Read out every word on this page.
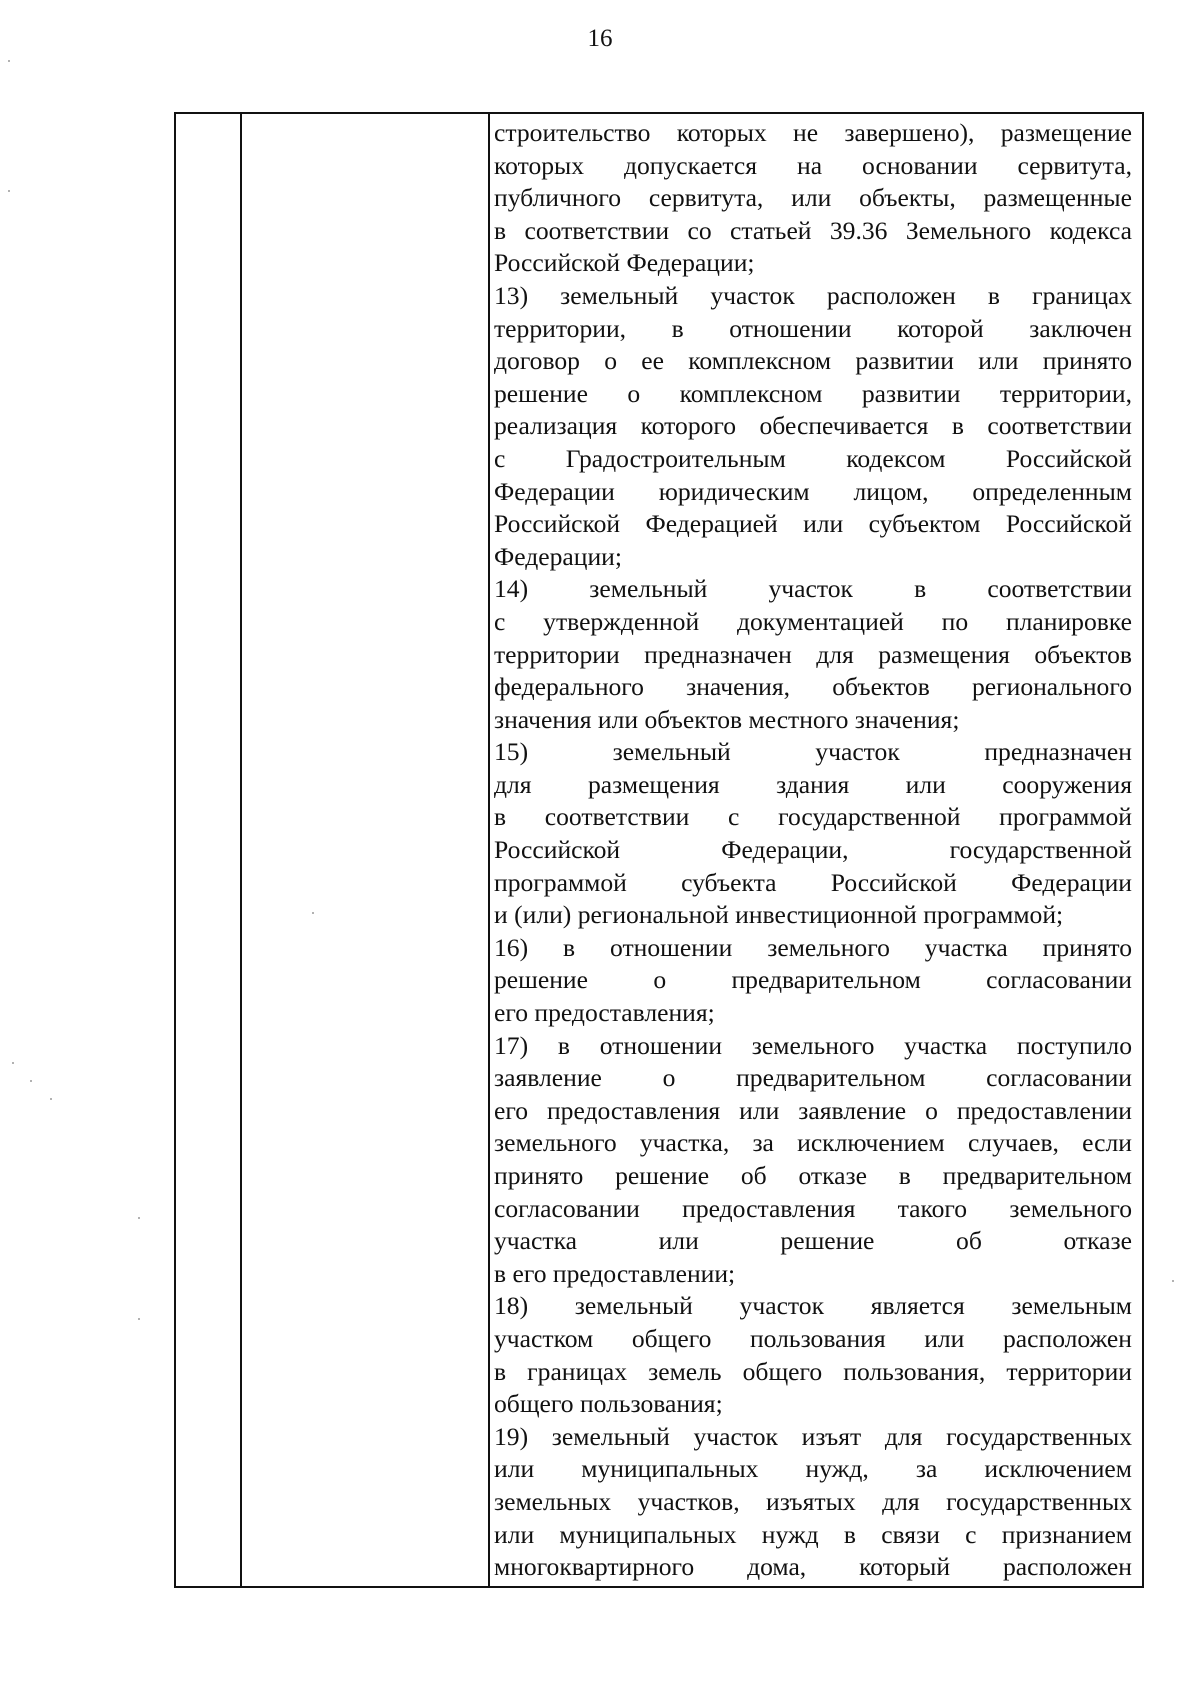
16
строительство которых не завершено), размещение
которых допускается на основании сервитута,
публичного сервитута, или объекты, размещенные
в соответствии со статьей 39.36 Земельного кодекса
Российской Федерации;
13) земельный участок расположен в границах
территории, в отношении которой заключен
договор о ее комплексном развитии или принято
решение о комплексном развитии территории,
реализация которого обеспечивается в соответствии
с Градостроительным кодексом Российской
Федерации юридическим лицом, определенным
Российской Федерацией или субъектом Российской
Федерации;
14) земельный участок в соответствии
с утвержденной документацией по планировке
территории предназначен для размещения объектов
федерального значения, объектов регионального
значения или объектов местного значения;
15) земельный участок предназначен
для размещения здания или сооружения
в соответствии с государственной программой
Российской Федерации, государственной
программой субъекта Российской Федерации
и (или) региональной инвестиционной программой;
16) в отношении земельного участка принято
решение о предварительном согласовании
его предоставления;
17) в отношении земельного участка поступило
заявление о предварительном согласовании
его предоставления или заявление о предоставлении
земельного участка, за исключением случаев, если
принято решение об отказе в предварительном
согласовании предоставления такого земельного
участка или решение об отказе
в его предоставлении;
18) земельный участок является земельным
участком общего пользования или расположен
в границах земель общего пользования, территории
общего пользования;
19) земельный участок изъят для государственных
или муниципальных нужд, за исключением
земельных участков, изъятых для государственных
или муниципальных нужд в связи с признанием
многоквартирного дома, который расположен
